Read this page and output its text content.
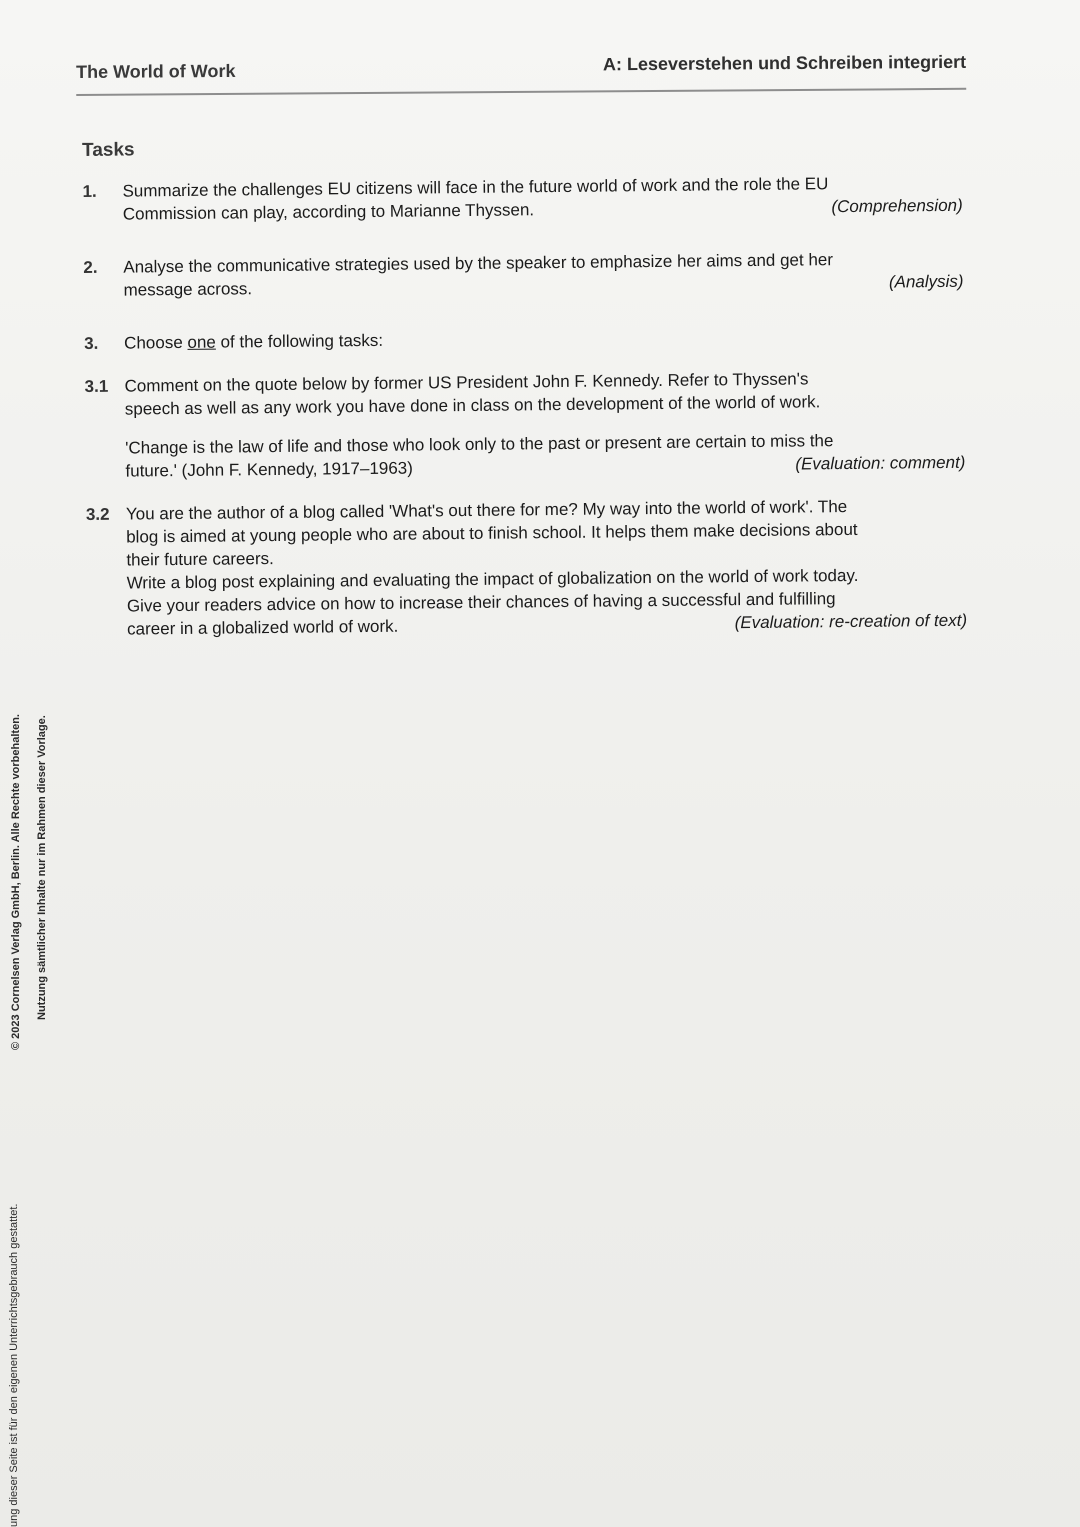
© 2023 Cornelsen Verlag GmbH, Berlin. Alle Rechte vorbehalten. Nutzung sämtlicher Inhalte nur im Rahmen dieser Vorlage.
ung dieser Seite ist für den eigenen Unterrichtsgebrauch gestattet.
The World of Work	A: Leseverstehen und Schreiben integriert
Tasks
1. Summarize the challenges EU citizens will face in the future world of work and the role the EU
Commission can play, according to Marianne Thyssen.	(Comprehension)
2. Analyse the communicative strategies used by the speaker to emphasize her aims and get her
message across.	(Analysis)
3. Choose one of the following tasks:
3.1 Comment on the quote below by former US President John F. Kennedy. Refer to Thyssen's
speech as well as any work you have done in class on the development of the world of work.
'Change is the law of life and those who look only to the past or present are certain to miss the
future.' (John F. Kennedy, 1917–1963)	(Evaluation: comment)
3.2 You are the author of a blog called 'What's out there for me? My way into the world of work'. The
blog is aimed at young people who are about to finish school. It helps them make decisions about
their future careers.
Write a blog post explaining and evaluating the impact of globalization on the world of work today.
Give your readers advice on how to increase their chances of having a successful and fulfilling
career in a globalized world of work.	(Evaluation: re-creation of text)
